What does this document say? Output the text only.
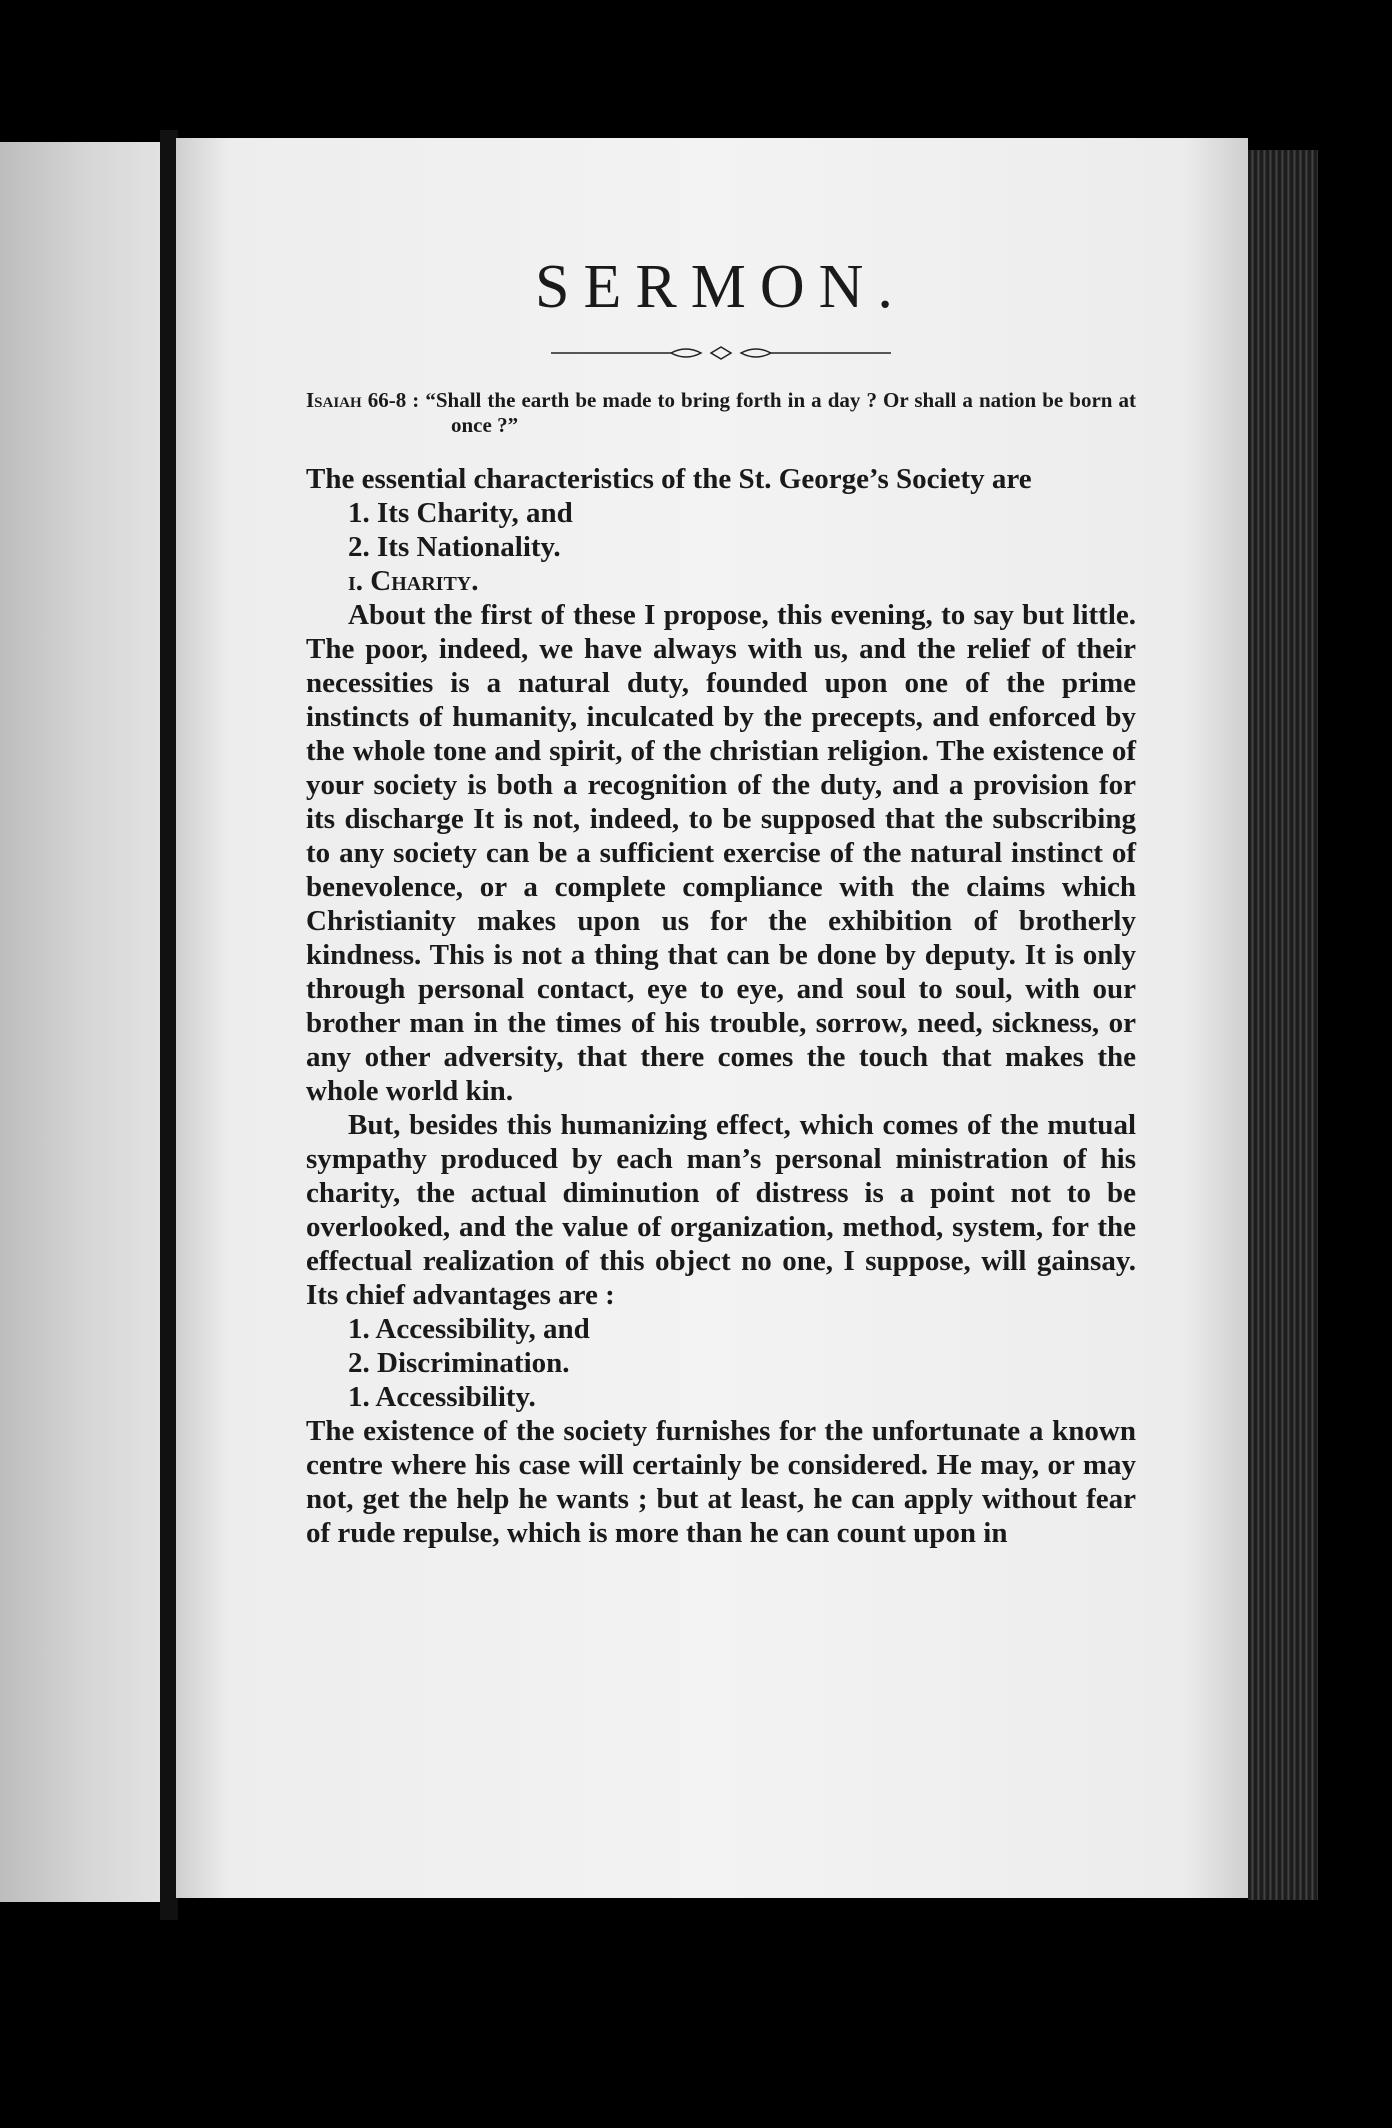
SERMON.

Isaiah 66-8 : “Shall the earth be made to bring forth in a day ? Or shall a nation be born at once ?”

The essential characteristics of the St. George’s Society are

1. Its Charity, and

2. Its Nationality.

i. Charity.

About the first of these I propose, this evening, to say but little. The poor, indeed, we have always with us, and the relief of their necessities is a natural duty, founded upon one of the prime instincts of humanity, inculcated by the precepts, and enforced by the whole tone and spirit, of the christian religion. The existence of your society is both a recognition of the duty, and a provision for its discharge It is not, indeed, to be supposed that the subscribing to any society can be a sufficient exercise of the natural instinct of benevolence, or a complete compliance with the claims which Christianity makes upon us for the exhibition of brotherly kindness. This is not a thing that can be done by deputy. It is only through personal contact, eye to eye, and soul to soul, with our brother man in the times of his trouble, sorrow, need, sickness, or any other adversity, that there comes the touch that makes the whole world kin.

But, besides this humanizing effect, which comes of the mutual sympathy produced by each man’s personal ministration of his charity, the actual diminution of distress is a point not to be overlooked, and the value of organization, method, system, for the effectual realization of this object no one, I suppose, will gainsay. Its chief advantages are :

1. Accessibility, and

2. Discrimination.

1. Accessibility.

The existence of the society furnishes for the unfortunate a known centre where his case will certainly be considered. He may, or may not, get the help he wants ; but at least, he can apply without fear of rude repulse, which is more than he can count upon in
